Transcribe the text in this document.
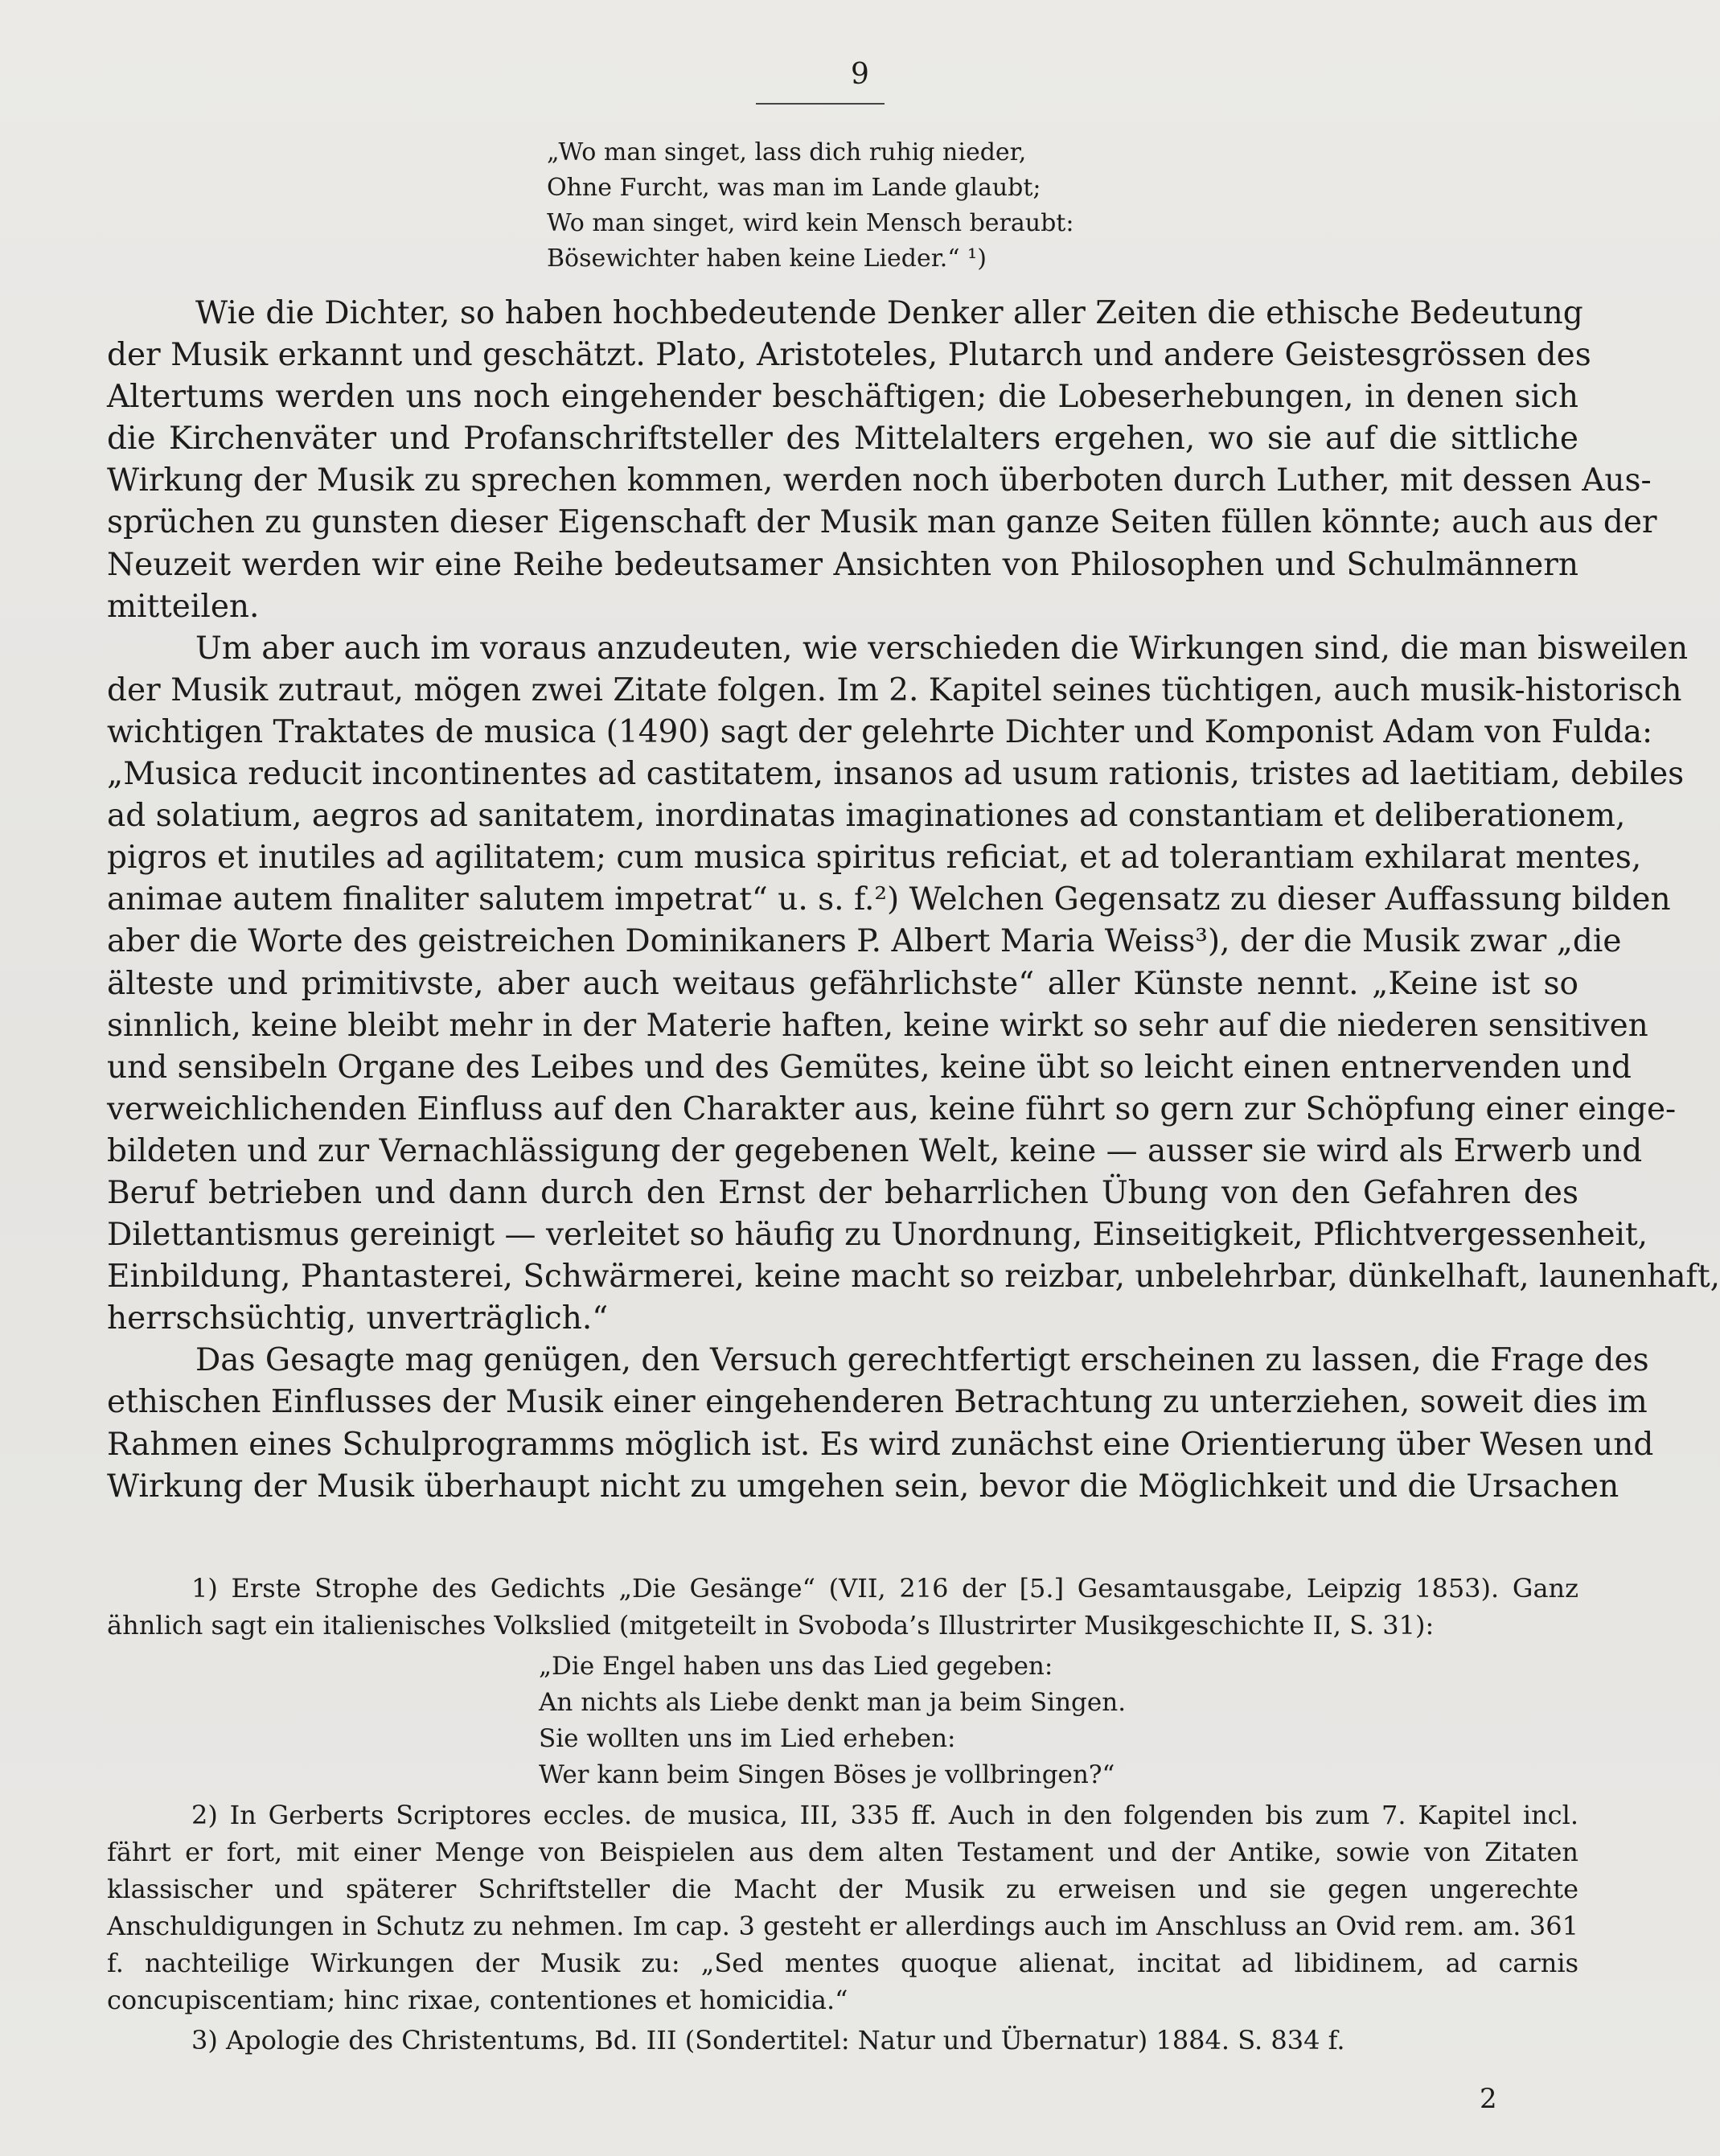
9
„Wo man singet, lass dich ruhig nieder,
Ohne Furcht, was man im Lande glaubt;
Wo man singet, wird kein Mensch beraubt:
Bösewichter haben keine Lieder.“ ¹)

Wie die Dichter, so haben hochbedeutende Denker aller Zeiten die ethische Bedeutung
der Musik erkannt und geschätzt. Plato, Aristoteles, Plutarch und andere Geistesgrössen des
Altertums werden uns noch eingehender beschäftigen; die Lobeserhebungen, in denen sich
die Kirchenväter und Profanschriftsteller des Mittelalters ergehen, wo sie auf die sittliche
Wirkung der Musik zu sprechen kommen, werden noch überboten durch Luther, mit dessen Aus-
sprüchen zu gunsten dieser Eigenschaft der Musik man ganze Seiten füllen könnte; auch aus der
Neuzeit werden wir eine Reihe bedeutsamer Ansichten von Philosophen und Schulmännern
mitteilen.

Um aber auch im voraus anzudeuten, wie verschieden die Wirkungen sind, die man bisweilen
der Musik zutraut, mögen zwei Zitate folgen. Im 2. Kapitel seines tüchtigen, auch musik-historisch
wichtigen Traktates de musica (1490) sagt der gelehrte Dichter und Komponist Adam von Fulda:
„Musica reducit incontinentes ad castitatem, insanos ad usum rationis, tristes ad laetitiam, debiles
ad solatium, aegros ad sanitatem, inordinatas imaginationes ad constantiam et deliberationem,
pigros et inutiles ad agilitatem; cum musica spiritus reficiat, et ad tolerantiam exhilarat mentes,
animae autem finaliter salutem impetrat“ u. s. f.²) Welchen Gegensatz zu dieser Auffassung bilden
aber die Worte des geistreichen Dominikaners P. Albert Maria Weiss³), der die Musik zwar „die
älteste und primitivste, aber auch weitaus gefährlichste“ aller Künste nennt. „Keine ist so
sinnlich, keine bleibt mehr in der Materie haften, keine wirkt so sehr auf die niederen sensitiven
und sensibeln Organe des Leibes und des Gemütes, keine übt so leicht einen entnervenden und
verweichlichenden Einfluss auf den Charakter aus, keine führt so gern zur Schöpfung einer einge-
bildeten und zur Vernachlässigung der gegebenen Welt, keine — ausser sie wird als Erwerb und
Beruf betrieben und dann durch den Ernst der beharrlichen Übung von den Gefahren des
Dilettantismus gereinigt — verleitet so häufig zu Unordnung, Einseitigkeit, Pflichtvergessenheit,
Einbildung, Phantasterei, Schwärmerei, keine macht so reizbar, unbelehrbar, dünkelhaft, launenhaft,
herrschsüchtig, unverträglich.“

Das Gesagte mag genügen, den Versuch gerechtfertigt erscheinen zu lassen, die Frage des
ethischen Einflusses der Musik einer eingehenderen Betrachtung zu unterziehen, soweit dies im
Rahmen eines Schulprogramms möglich ist. Es wird zunächst eine Orientierung über Wesen und
Wirkung der Musik überhaupt nicht zu umgehen sein, bevor die Möglichkeit und die Ursachen

1) Erste Strophe des Gedichts „Die Gesänge“ (VII, 216 der [5.] Gesamtausgabe, Leipzig 1853). Ganz ähnlich sagt ein italienisches Volkslied (mitgeteilt in Svoboda’s Illustrirter Musikgeschichte II, S. 31):

„Die Engel haben uns das Lied gegeben:
An nichts als Liebe denkt man ja beim Singen.
Sie wollten uns im Lied erheben:
Wer kann beim Singen Böses je vollbringen?“

2) In Gerberts Scriptores eccles. de musica, III, 335 ff. Auch in den folgenden bis zum 7. Kapitel incl. fährt er fort, mit einer Menge von Beispielen aus dem alten Testament und der Antike, sowie von Zitaten klassischer und späterer Schriftsteller die Macht der Musik zu erweisen und sie gegen ungerechte Anschuldigungen in Schutz zu nehmen. Im cap. 3 gesteht er allerdings auch im Anschluss an Ovid rem. am. 361 f. nachteilige Wirkungen der Musik zu: „Sed mentes quoque alienat, incitat ad libidinem, ad carnis concupiscentiam; hinc rixae, contentiones et homicidia.“

3) Apologie des Christentums, Bd. III (Sondertitel: Natur und Übernatur) 1884. S. 834 f.

2
